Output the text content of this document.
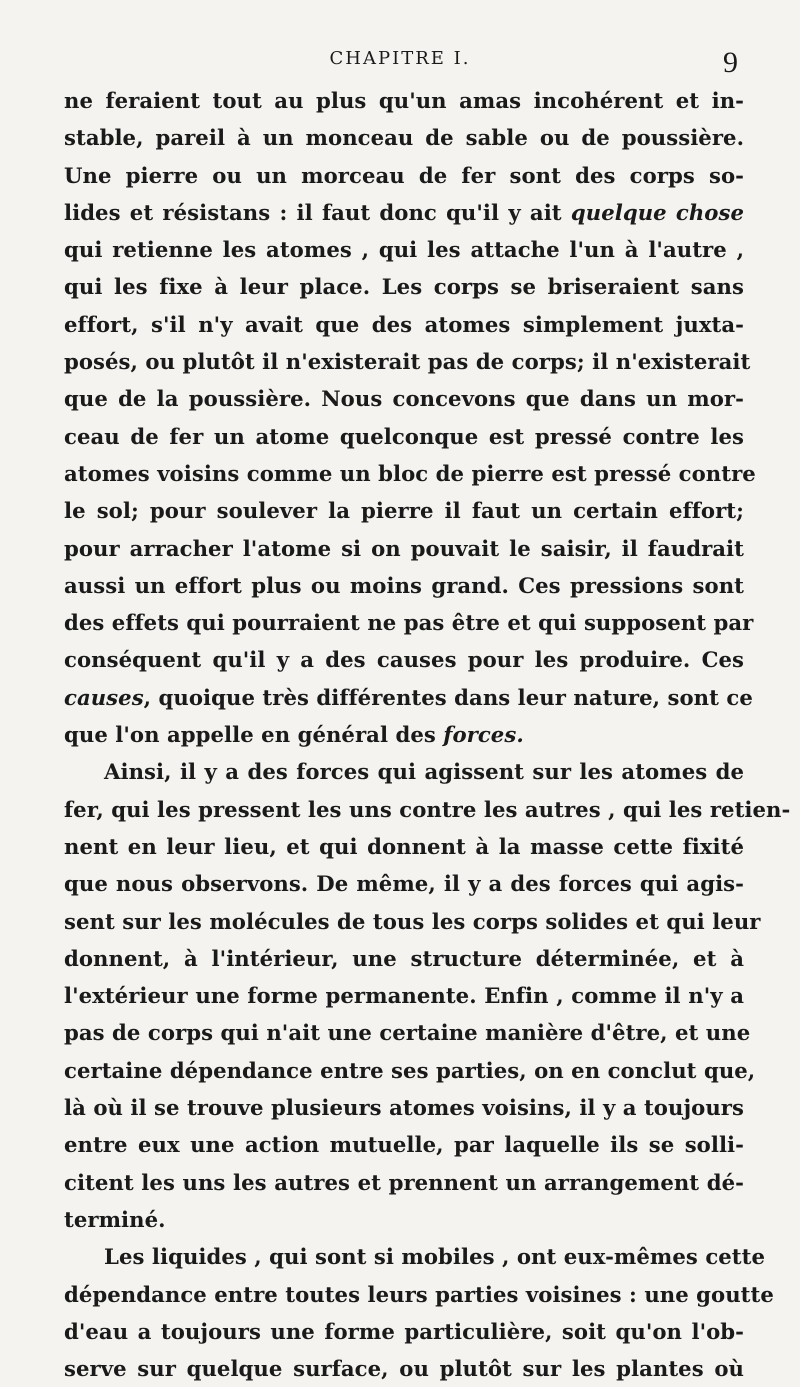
CHAPITRE I.	9
ne feraient tout au plus qu'un amas incohérent et in-
stable, pareil à un monceau de sable ou de poussière.
Une pierre ou un morceau de fer sont des corps so-
lides et résistans : il faut donc qu'il y ait quelque chose
qui retienne les atomes , qui les attache l'un à l'autre ,
qui les fixe à leur place. Les corps se briseraient sans
effort, s'il n'y avait que des atomes simplement juxta-
posés, ou plutôt il n'existerait pas de corps; il n'existerait
que de la poussière. Nous concevons que dans un mor-
ceau de fer un atome quelconque est pressé contre les
atomes voisins comme un bloc de pierre est pressé contre
le sol; pour soulever la pierre il faut un certain effort;
pour arracher l'atome si on pouvait le saisir, il faudrait
aussi un effort plus ou moins grand. Ces pressions sont
des effets qui pourraient ne pas être et qui supposent par
conséquent qu'il y a des causes pour les produire. Ces
causes, quoique très différentes dans leur nature, sont ce
que l'on appelle en général des forces.
Ainsi, il y a des forces qui agissent sur les atomes de
fer, qui les pressent les uns contre les autres , qui les retien-
nent en leur lieu, et qui donnent à la masse cette fixité
que nous observons. De même, il y a des forces qui agis-
sent sur les molécules de tous les corps solides et qui leur
donnent, à l'intérieur, une structure déterminée, et à
l'extérieur une forme permanente. Enfin , comme il n'y a
pas de corps qui n'ait une certaine manière d'être, et une
certaine dépendance entre ses parties, on en conclut que,
là où il se trouve plusieurs atomes voisins, il y a toujours
entre eux une action mutuelle, par laquelle ils se solli-
citent les uns les autres et prennent un arrangement dé-
terminé.
Les liquides , qui sont si mobiles , ont eux-mêmes cette
dépendance entre toutes leurs parties voisines : une goutte
d'eau a toujours une forme particulière, soit qu'on l'ob-
serve sur quelque surface, ou plutôt sur les plantes où
